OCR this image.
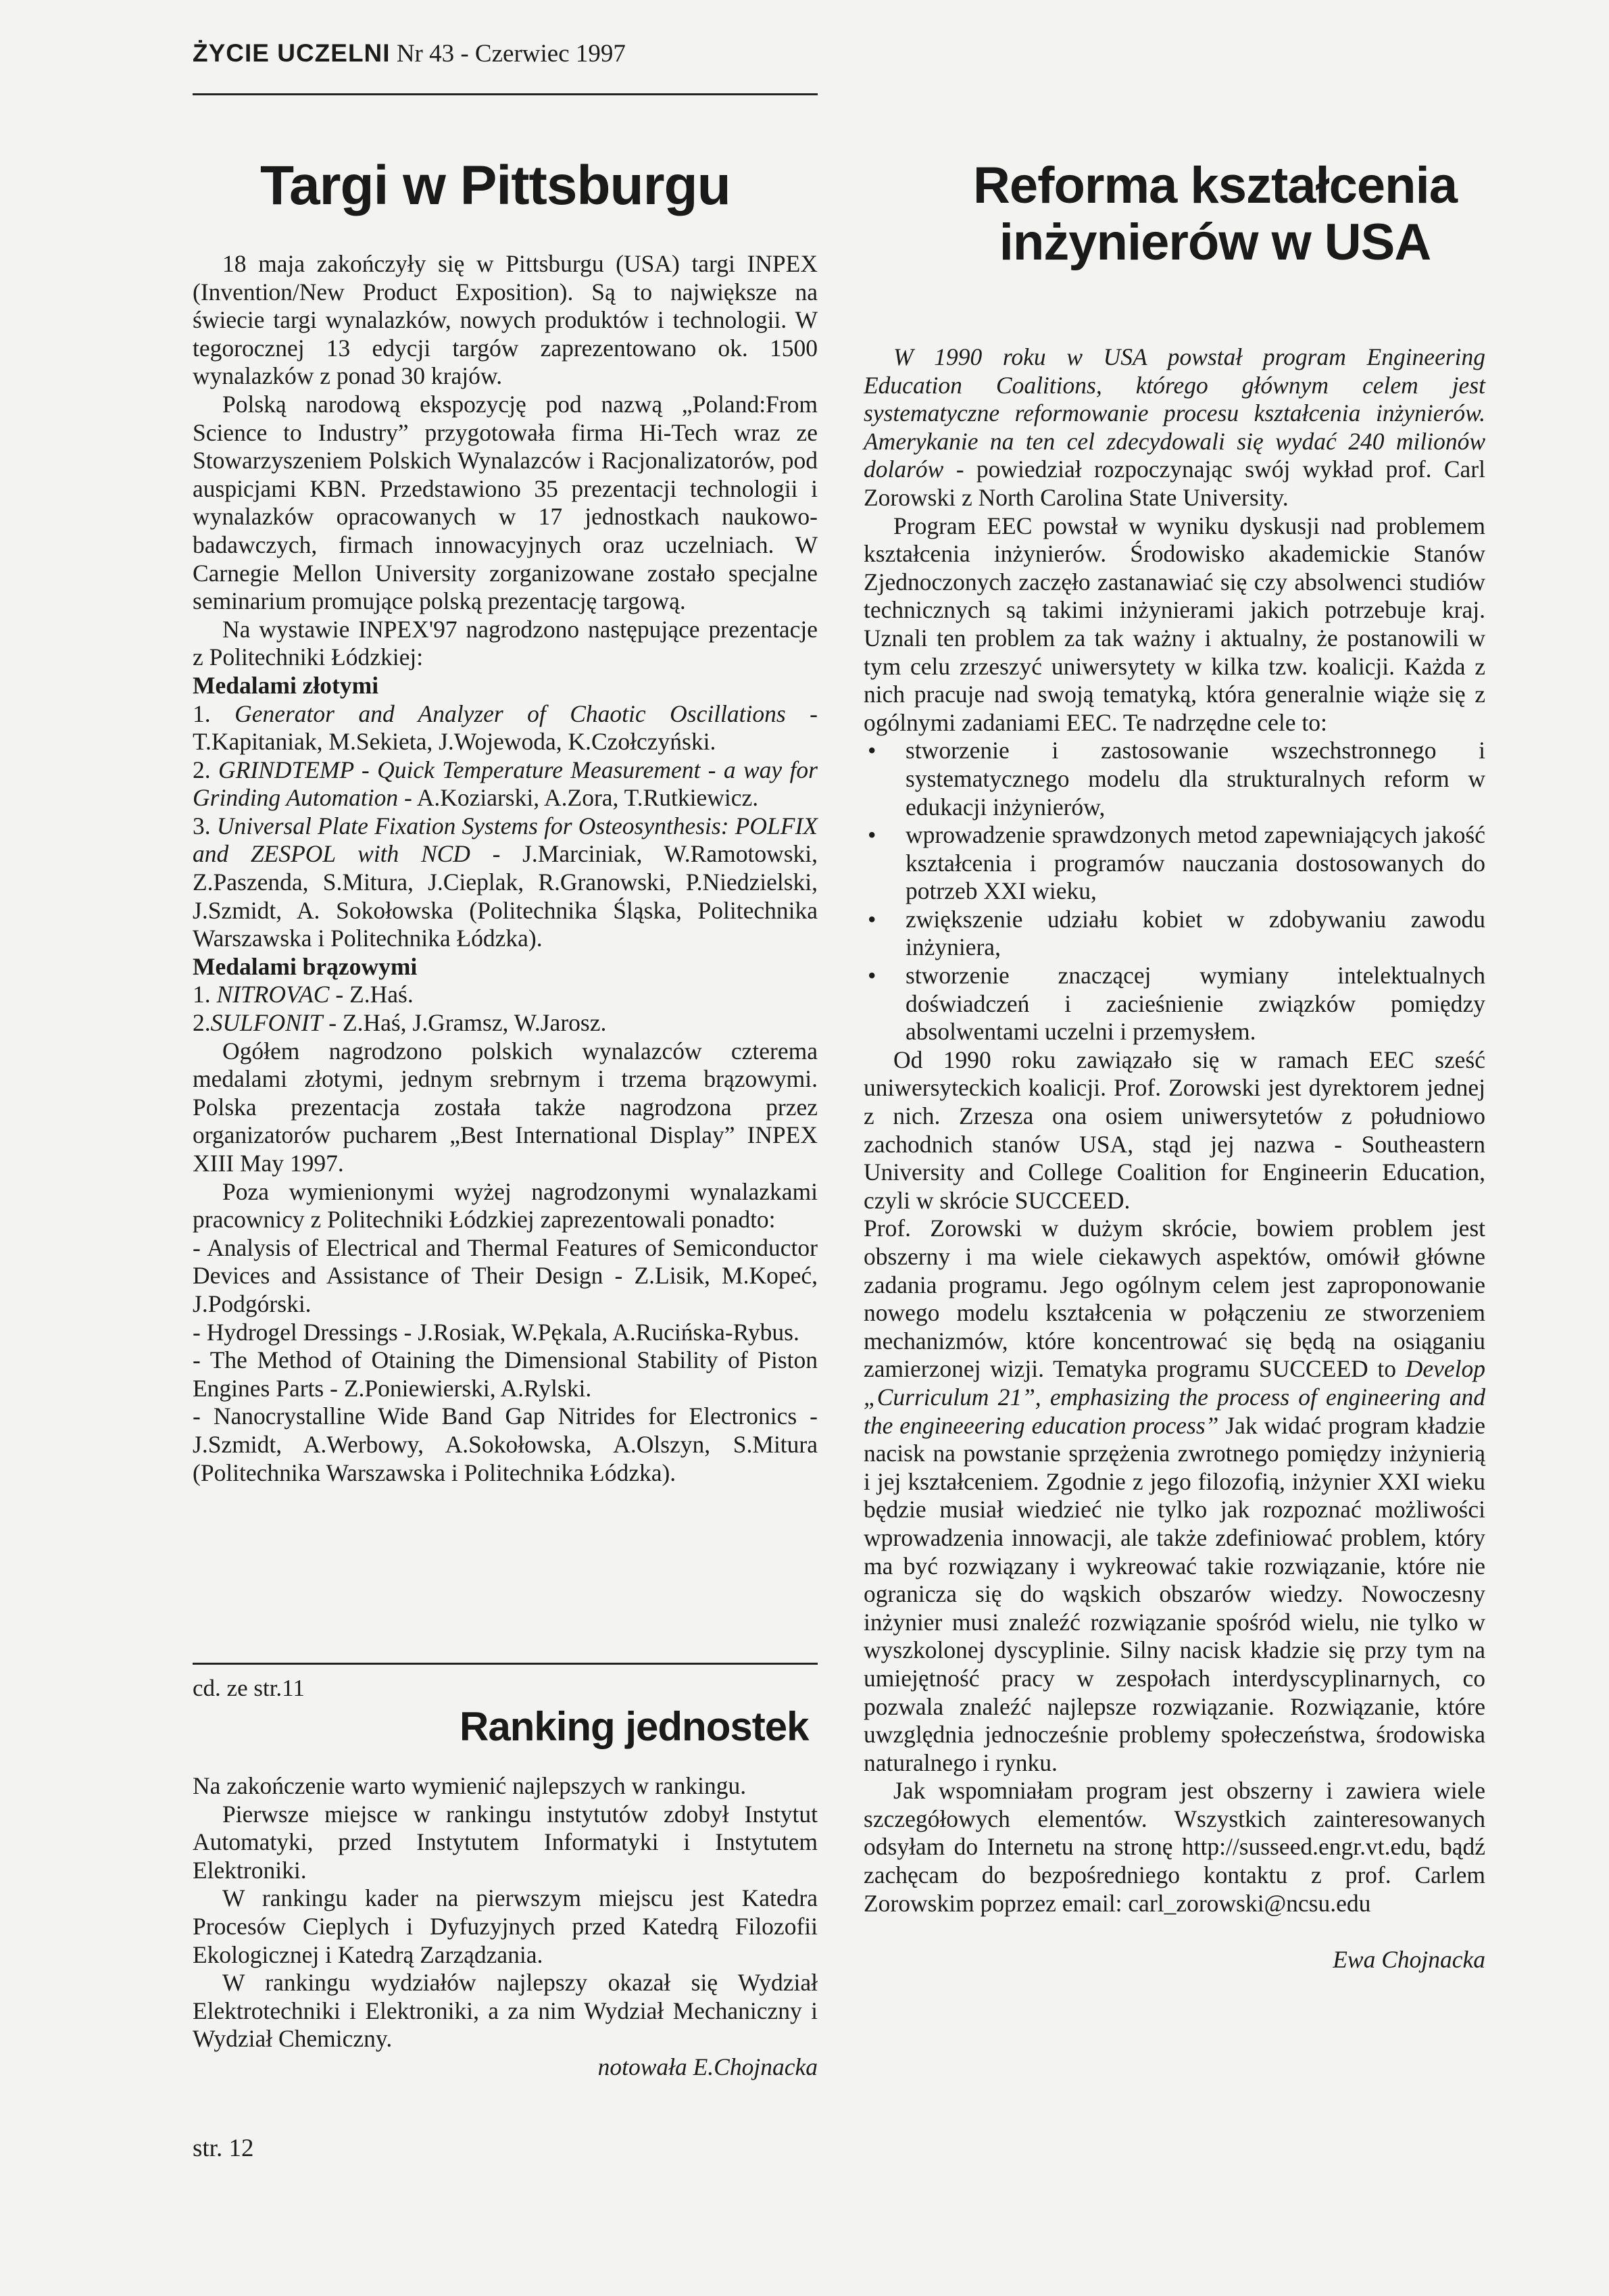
ŻYCIE UCZELNI Nr 43 - Czerwiec 1997
Targi w Pittsburgu

18 maja zakończyły się w Pittsburgu (USA) targi INPEX (Invention/New Product Exposition). Są to największe na świecie targi wynalazków, nowych produktów i technologii. W tegorocznej 13 edycji targów zaprezentowano ok. 1500 wynalazków z ponad 30 krajów.

Polską narodową ekspozycję pod nazwą „Poland:From Science to Industry” przygotowała firma Hi-Tech wraz ze Stowarzyszeniem Polskich Wynalazców i Racjonalizatorów, pod auspicjami KBN. Przedstawiono 35 prezentacji technologii i wynalazków opracowanych w 17 jednostkach naukowo-badawczych, firmach innowacyjnych oraz uczelniach. W Carnegie Mellon University zorganizowane zostało specjalne seminarium promujące polską prezentację targową.

Na wystawie INPEX'97 nagrodzono następujące prezentacje z Politechniki Łódzkiej:

Medalami złotymi

1. Generator and Analyzer of Chaotic Oscillations - T.Kapitaniak, M.Sekieta, J.Wojewoda, K.Czołczyński.

2. GRINDTEMP - Quick Temperature Measurement - a way for Grinding Automation - A.Koziarski, A.Zora, T.Rutkiewicz.

3. Universal Plate Fixation Systems for Osteosynthesis: POLFIX and ZESPOL with NCD - J.Marciniak, W.Ramotowski, Z.Paszenda, S.Mitura, J.Cieplak, R.Granowski, P.Niedzielski, J.Szmidt, A. Sokołowska (Politechnika Śląska, Politechnika Warszawska i Politechnika Łódzka).

Medalami brązowymi

1. NITROVAC - Z.Haś.

2.SULFONIT - Z.Haś, J.Gramsz, W.Jarosz.

Ogółem nagrodzono polskich wynalazców czterema medalami złotymi, jednym srebrnym i trzema brązowymi. Polska prezentacja została także nagrodzona przez organizatorów pucharem „Best International Display” INPEX XIII May 1997.

Poza wymienionymi wyżej nagrodzonymi wynalazkami pracownicy z Politechniki Łódzkiej zaprezentowali ponadto:

- Analysis of Electrical and Thermal Features of Semiconductor Devices and Assistance of Their Design - Z.Lisik, M.Kopeć, J.Podgórski.

- Hydrogel Dressings - J.Rosiak, W.Pękala, A.Rucińska-Rybus.

- The Method of Otaining the Dimensional Stability of Piston Engines Parts - Z.Poniewierski, A.Rylski.

- Nanocrystalline Wide Band Gap Nitrides for Electronics - J.Szmidt, A.Werbowy, A.Sokołowska, A.Olszyn, S.Mitura (Politechnika Warszawska i Politechnika Łódzka).

cd. ze str.11
Ranking jednostek

Na zakończenie warto wymienić najlepszych w rankingu.

Pierwsze miejsce w rankingu instytutów zdobył Instytut Automatyki, przed Instytutem Informatyki i Instytutem Elektroniki.

W rankingu kader na pierwszym miejscu jest Katedra Procesów Cieplych i Dyfuzyjnych przed Katedrą Filozofii Ekologicznej i Katedrą Zarządzania.

W rankingu wydziałów najlepszy okazał się Wydział Elektrotechniki i Elektroniki, a za nim Wydział Mechaniczny i Wydział Chemiczny.

notowała E.Chojnacka

Reforma kształcenia
inżynierów w USA

W 1990 roku w USA powstał program Engineering Education Coalitions, którego głównym celem jest systematyczne reformowanie procesu kształcenia inżynierów. Amerykanie na ten cel zdecydowali się wydać 240 milionów dolarów - powiedział rozpoczynając swój wykład prof. Carl Zorowski z North Carolina State University.

Program EEC powstał w wyniku dyskusji nad problemem kształcenia inżynierów. Środowisko akademickie Stanów Zjednoczonych zaczęło zastanawiać się czy absolwenci studiów technicznych są takimi inżynierami jakich potrzebuje kraj. Uznali ten problem za tak ważny i aktualny, że postanowili w tym celu zrzeszyć uniwersytety w kilka tzw. koalicji. Każda z nich pracuje nad swoją tematyką, która generalnie wiąże się z ogólnymi zadaniami EEC. Te nadrzędne cele to:

• stworzenie i zastosowanie wszechstronnego i systematycznego modelu dla strukturalnych reform w edukacji inżynierów,
• wprowadzenie sprawdzonych metod zapewniających jakość kształcenia i programów nauczania dostosowanych do potrzeb XXI wieku,
• zwiększenie udziału kobiet w zdobywaniu zawodu inżyniera,
• stworzenie znaczącej wymiany intelektualnych doświadczeń i zacieśnienie związków pomiędzy absolwentami uczelni i przemysłem.

Od 1990 roku zawiązało się w ramach EEC sześć uniwersyteckich koalicji. Prof. Zorowski jest dyrektorem jednej z nich. Zrzesza ona osiem uniwersytetów z południowo zachodnich stanów USA, stąd jej nazwa - Southeastern University and College Coalition for Engineerin Education, czyli w skrócie SUCCEED.

Prof. Zorowski w dużym skrócie, bowiem problem jest obszerny i ma wiele ciekawych aspektów, omówił główne zadania programu. Jego ogólnym celem jest zaproponowanie nowego modelu kształcenia w połączeniu ze stworzeniem mechanizmów, które koncentrować się będą na osiąganiu zamierzonej wizji. Tematyka programu SUCCEED to Develop „Curriculum 21”, emphasizing the process of engineering and the engineeering education process” Jak widać program kładzie nacisk na powstanie sprzężenia zwrotnego pomiędzy inżynierią i jej kształceniem. Zgodnie z jego filozofią, inżynier XXI wieku będzie musiał wiedzieć nie tylko jak rozpoznać możliwości wprowadzenia innowacji, ale także zdefiniować problem, który ma być rozwiązany i wykreować takie rozwiązanie, które nie ogranicza się do wąskich obszarów wiedzy. Nowoczesny inżynier musi znaleźć rozwiązanie spośród wielu, nie tylko w wyszkolonej dyscyplinie. Silny nacisk kładzie się przy tym na umiejętność pracy w zespołach interdyscyplinarnych, co pozwala znaleźć najlepsze rozwiązanie. Rozwiązanie, które uwzględnia jednocześnie problemy społeczeństwa, środowiska naturalnego i rynku.

Jak wspomniałam program jest obszerny i zawiera wiele szczegółowych elementów. Wszystkich zainteresowanych odsyłam do Internetu na stronę http://susseed.engr.vt.edu, bądź zachęcam do bezpośredniego kontaktu z prof. Carlem Zorowskim poprzez email: carl_zorowski@ncsu.edu

Ewa Chojnacka

str. 12
